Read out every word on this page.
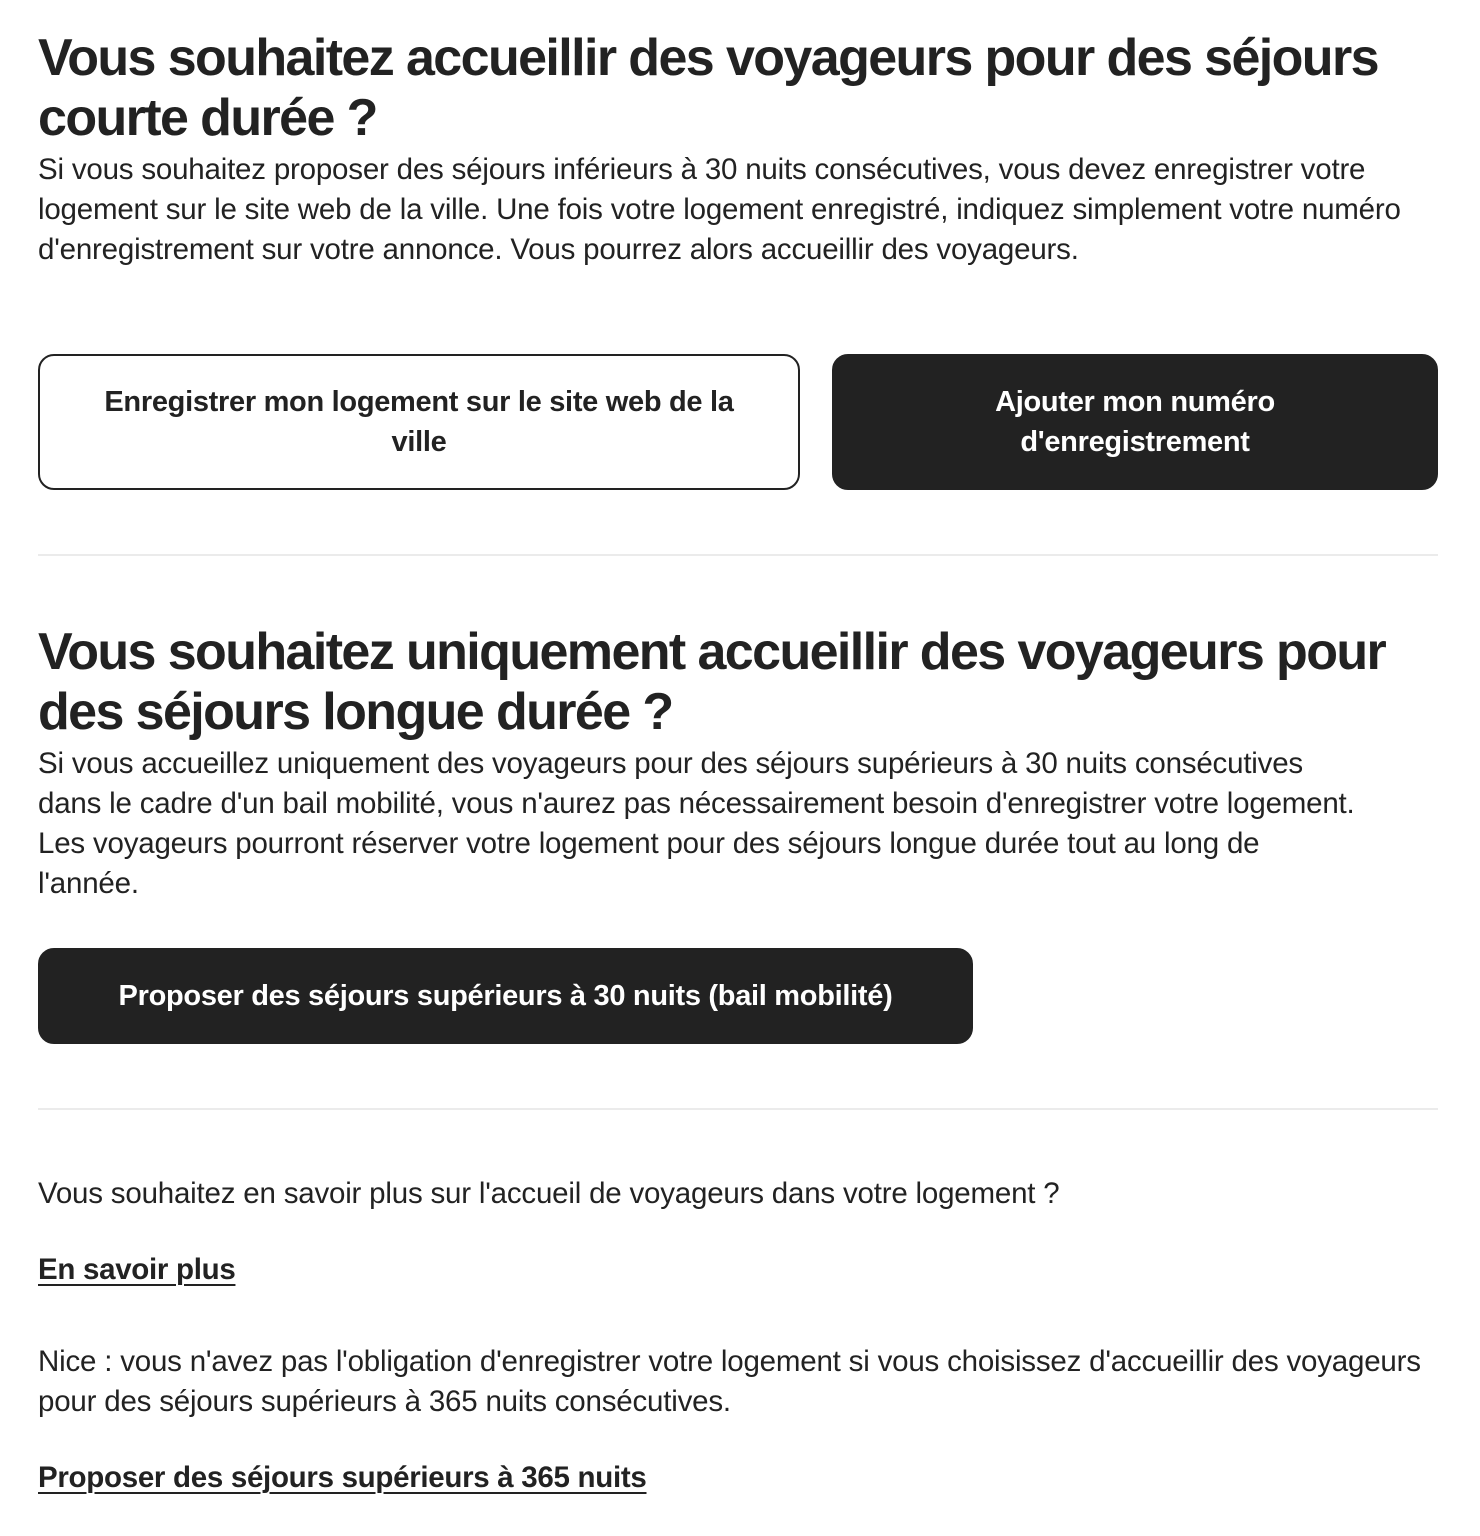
Vous souhaitez accueillir des voyageurs pour des séjours courte durée ?

Si vous souhaitez proposer des séjours inférieurs à 30 nuits consécutives, vous devez enregistrer votre logement sur le site web de la ville. Une fois votre logement enregistré, indiquez simplement votre numéro d'enregistrement sur votre annonce. Vous pourrez alors accueillir des voyageurs.

Enregistrer mon logement sur le site web de la ville
Ajouter mon numéro d'enregistrement
Vous souhaitez uniquement accueillir des voyageurs pour des séjours longue durée ?

Si vous accueillez uniquement des voyageurs pour des séjours supérieurs à 30 nuits consécutives dans le cadre d'un bail mobilité, vous n'aurez pas nécessairement besoin d'enregistrer votre logement. Les voyageurs pourront réserver votre logement pour des séjours longue durée tout au long de l'année.

Proposer des séjours supérieurs à 30 nuits (bail mobilité)

Vous souhaitez en savoir plus sur l'accueil de voyageurs dans votre logement ?

En savoir plus

Nice : vous n'avez pas l'obligation d'enregistrer votre logement si vous choisissez d'accueillir des voyageurs pour des séjours supérieurs à 365 nuits consécutives.

Proposer des séjours supérieurs à 365 nuits
